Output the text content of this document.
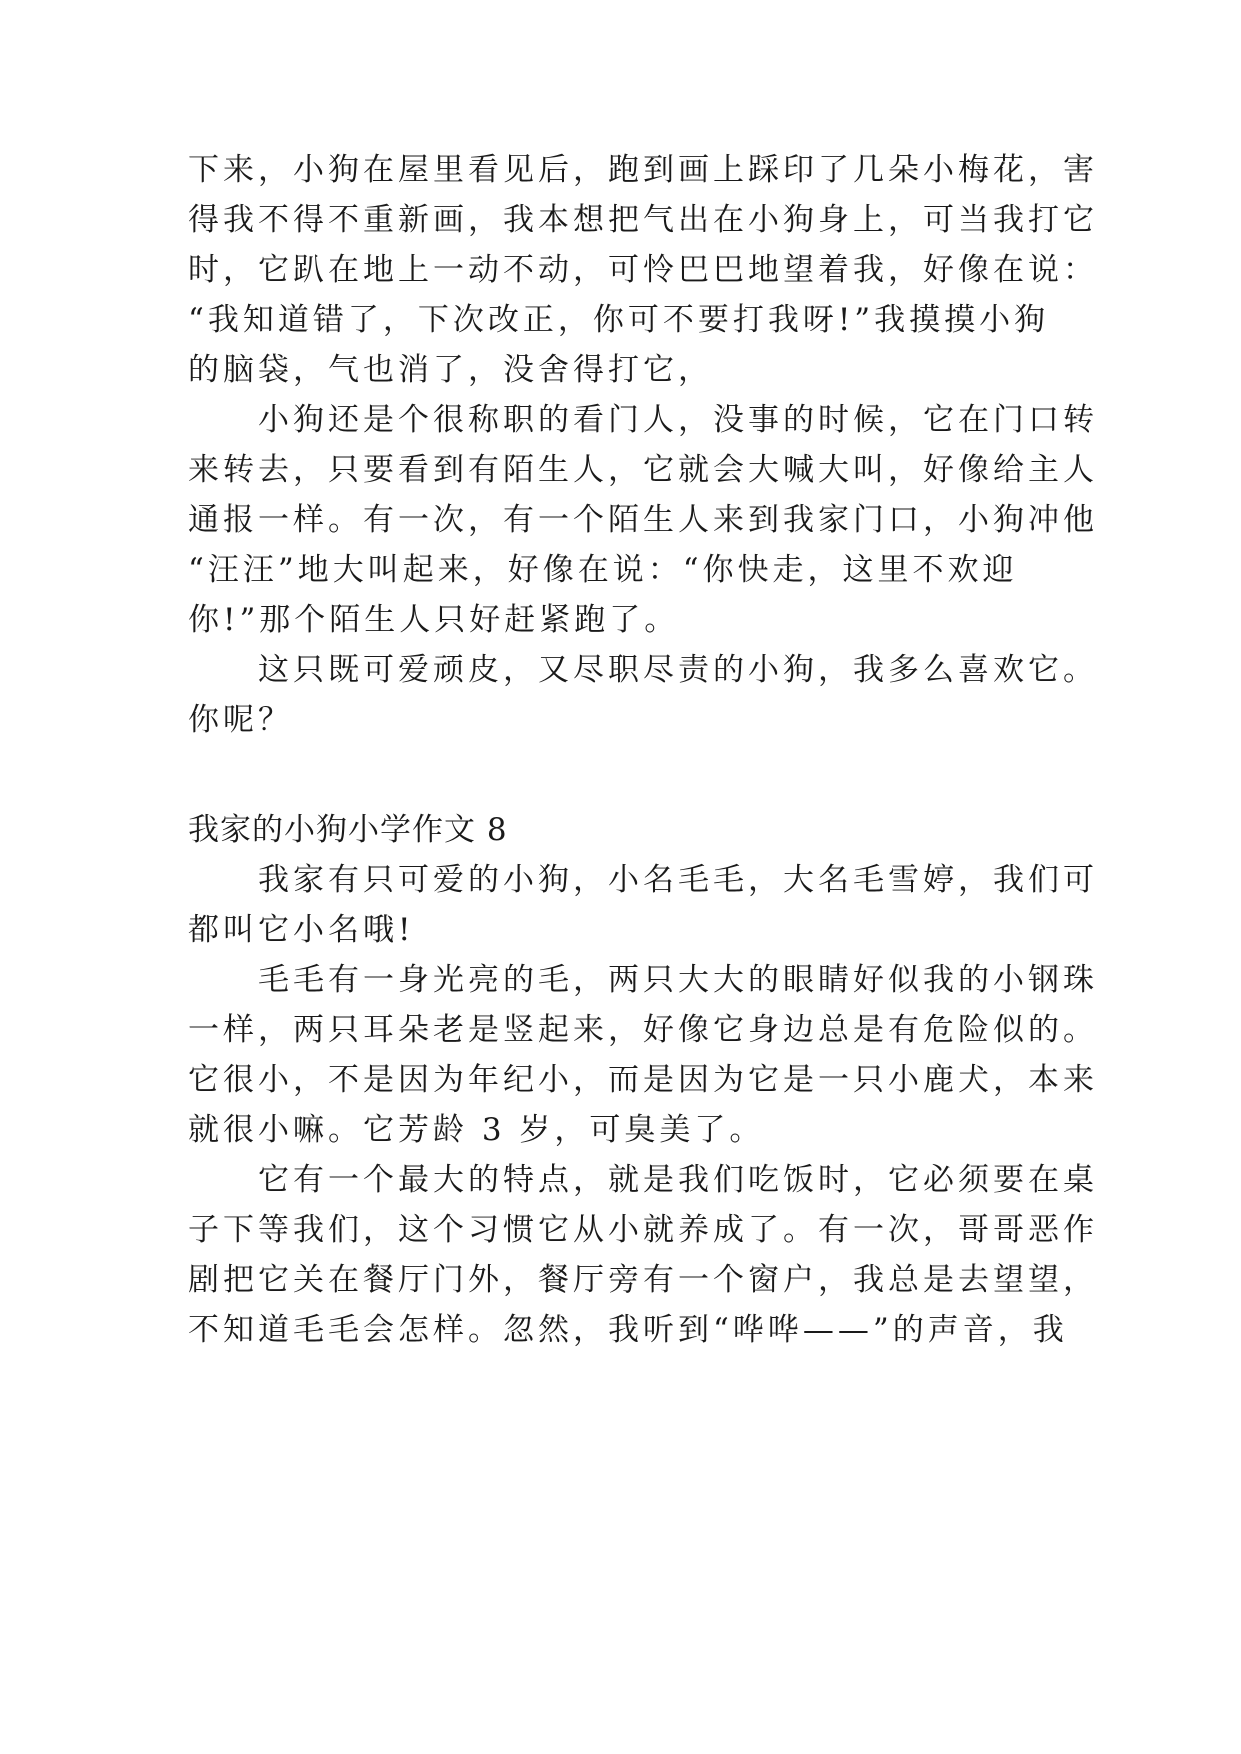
下来，小狗在屋里看见后，跑到画上踩印了几朵小梅花，害
得我不得不重新画，我本想把气出在小狗身上，可当我打它
时，它趴在地上一动不动，可怜巴巴地望着我，好像在说：
“我知道错了，下次改正，你可不要打我呀!”我摸摸小狗
的脑袋，气也消了，没舍得打它，
　　小狗还是个很称职的看门人，没事的时候，它在门口转
来转去，只要看到有陌生人，它就会大喊大叫，好像给主人
通报一样。有一次，有一个陌生人来到我家门口，小狗冲他
“汪汪”地大叫起来，好像在说：“你快走，这里不欢迎
你!”那个陌生人只好赶紧跑了。
　　这只既可爱顽皮，又尽职尽责的小狗，我多么喜欢它。
你呢？
我家的小狗小学作文 8
　　我家有只可爱的小狗，小名毛毛，大名毛雪婷，我们可
都叫它小名哦!
　　毛毛有一身光亮的毛，两只大大的眼睛好似我的小钢珠
一样，两只耳朵老是竖起来，好像它身边总是有危险似的。
它很小，不是因为年纪小，而是因为它是一只小鹿犬，本来
就很小嘛。它芳龄 3 岁，可臭美了。
　　它有一个最大的特点，就是我们吃饭时，它必须要在桌
子下等我们，这个习惯它从小就养成了。有一次，哥哥恶作
剧把它关在餐厅门外，餐厅旁有一个窗户，我总是去望望，
不知道毛毛会怎样。忽然，我听到“哗哗——”的声音，我
